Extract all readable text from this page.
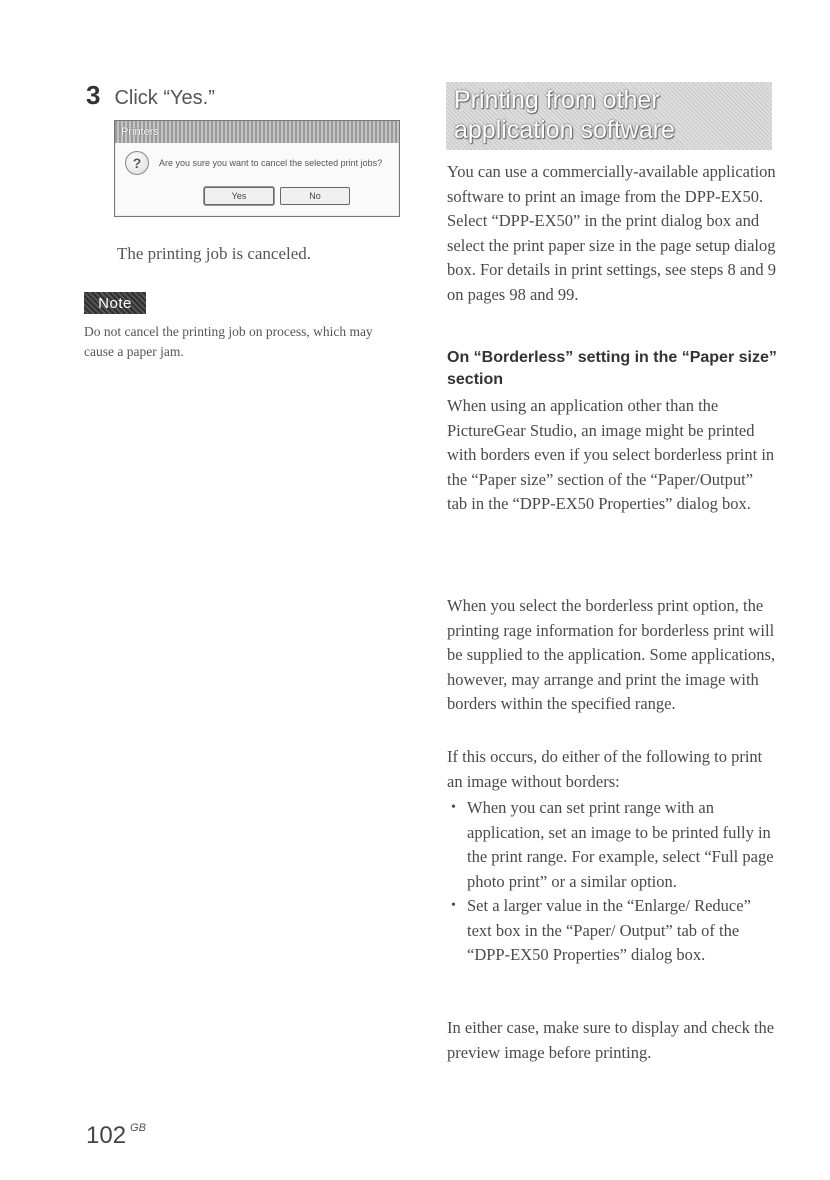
3 Click “Yes.”
Printers
?	Are you sure you want to cancel the selected print jobs?
Yes	No
The printing job is canceled.
Note
Do not cancel the printing job on process, which may cause a paper jam.
Printing from other
application software
You can use a commercially-available application software to print an image from the DPP-EX50. Select “DPP-EX50” in the print dialog box and select the print paper size in the page setup dialog box. For details in print settings, see steps 8 and 9 on pages 98 and 99.
On “Borderless” setting in the “Paper size” section
When using an application other than the PictureGear Studio, an image might be printed with borders even if you select borderless print in the “Paper size” section of the “Paper/Output” tab in the “DPP-EX50 Properties” dialog box.
When you select the borderless print option, the printing rage information for borderless print will be supplied to the application. Some applications, however, may arrange and print the image with borders within the specified range.
If this occurs, do either of the following to print an image without borders:
• When you can set print range with an application, set an image to be printed fully in the print range. For example, select “Full page photo print” or a similar option.
• Set a larger value in the “Enlarge/ Reduce” text box in the “Paper/ Output” tab of the “DPP-EX50 Properties” dialog box.
In either case, make sure to display and check the preview image before printing.
102 $^{GB}$
